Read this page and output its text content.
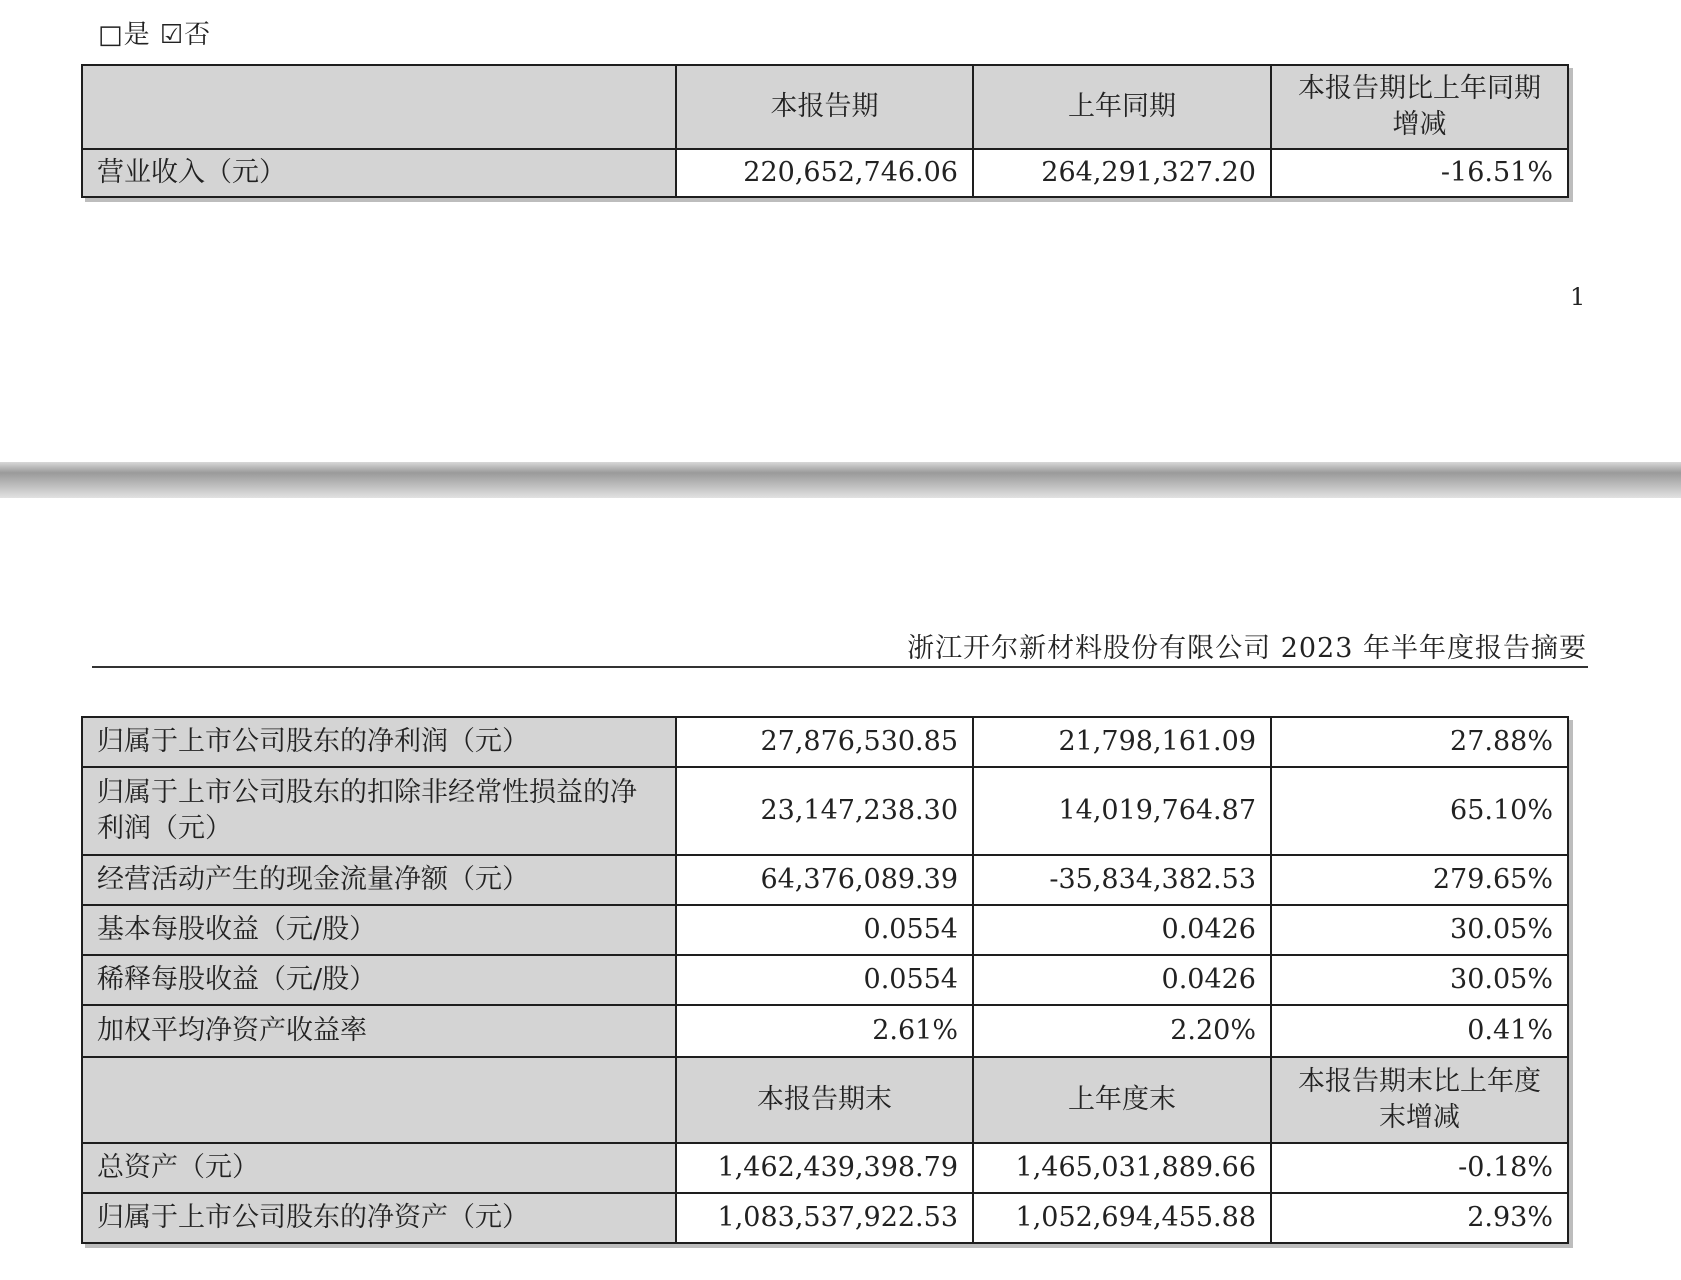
□是 ☑否
	本报告期	上年同期	本报告期比上年同期增减
营业收入（元）	220,652,746.06	264,291,327.20	-16.51%
1
浙江开尔新材料股份有限公司 2023 年半年度报告摘要
归属于上市公司股东的净利润（元）	27,876,530.85	21,798,161.09	27.88%
归属于上市公司股东的扣除非经常性损益的净利润（元）	23,147,238.30	14,019,764.87	65.10%
经营活动产生的现金流量净额（元）	64,376,089.39	-35,834,382.53	279.65%
基本每股收益（元/股）	0.0554	0.0426	30.05%
稀释每股收益（元/股）	0.0554	0.0426	30.05%
加权平均净资产收益率	2.61%	2.20%	0.41%
	本报告期末	上年度末	本报告期末比上年度末增减
总资产（元）	1,462,439,398.79	1,465,031,889.66	-0.18%
归属于上市公司股东的净资产（元）	1,083,537,922.53	1,052,694,455.88	2.93%
